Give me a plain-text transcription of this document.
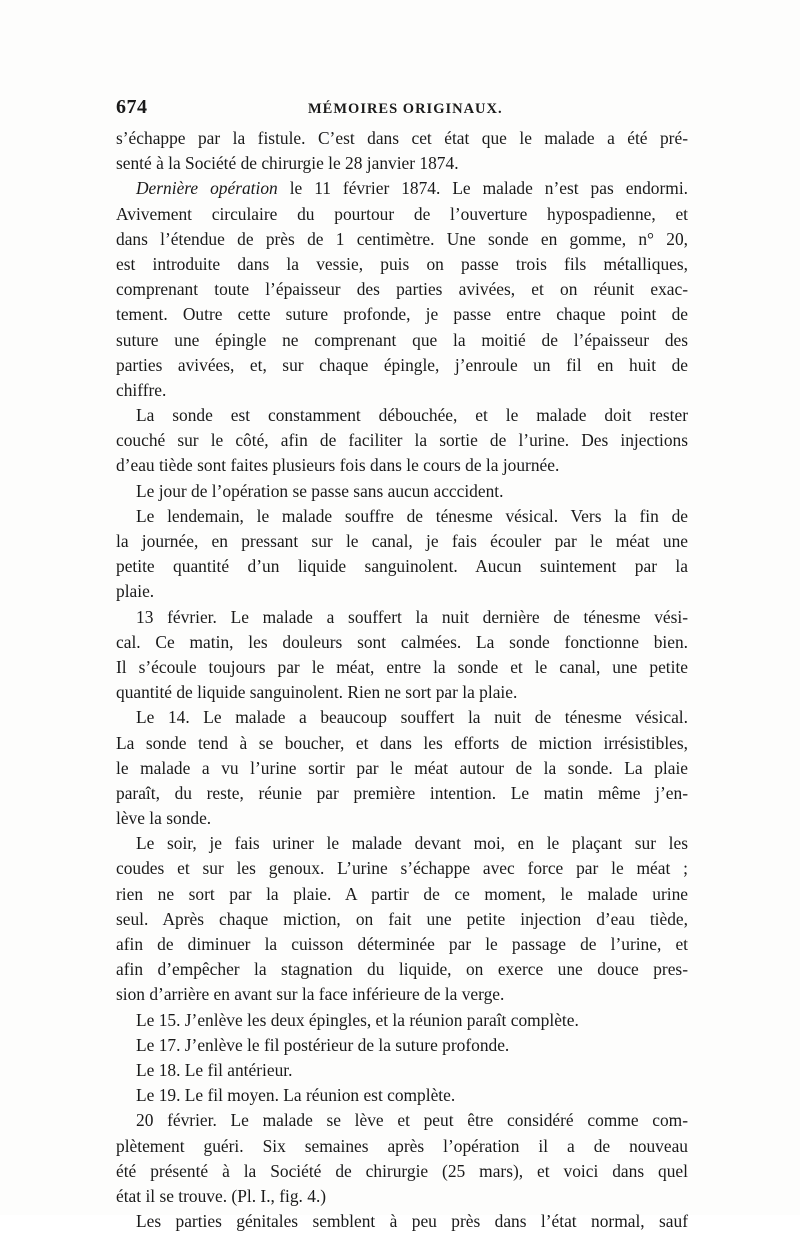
674	MÉMOIRES ORIGINAUX.
s’échappe par la fistule. C’est dans cet état que le malade a été pré-
senté à la Société de chirurgie le 28 janvier 1874.
Dernière opération le 11 février 1874. Le malade n’est pas endormi.
Avivement circulaire du pourtour de l’ouverture hypospadienne, et
dans l’étendue de près de 1 centimètre. Une sonde en gomme, n° 20,
est introduite dans la vessie, puis on passe trois fils métalliques,
comprenant toute l’épaisseur des parties avivées, et on réunit exac-
tement. Outre cette suture profonde, je passe entre chaque point de
suture une épingle ne comprenant que la moitié de l’épaisseur des
parties avivées, et, sur chaque épingle, j’enroule un fil en huit de
chiffre.
La sonde est constamment débouchée, et le malade doit rester
couché sur le côté, afin de faciliter la sortie de l’urine. Des injections
d’eau tiède sont faites plusieurs fois dans le cours de la journée.
Le jour de l’opération se passe sans aucun acccident.
Le lendemain, le malade souffre de ténesme vésical. Vers la fin de
la journée, en pressant sur le canal, je fais écouler par le méat une
petite quantité d’un liquide sanguinolent. Aucun suintement par la
plaie.
13 février. Le malade a souffert la nuit dernière de ténesme vési-
cal. Ce matin, les douleurs sont calmées. La sonde fonctionne bien.
Il s’écoule toujours par le méat, entre la sonde et le canal, une petite
quantité de liquide sanguinolent. Rien ne sort par la plaie.
Le 14. Le malade a beaucoup souffert la nuit de ténesme vésical.
La sonde tend à se boucher, et dans les efforts de miction irrésistibles,
le malade a vu l’urine sortir par le méat autour de la sonde. La plaie
paraît, du reste, réunie par première intention. Le matin même j’en-
lève la sonde.
Le soir, je fais uriner le malade devant moi, en le plaçant sur les
coudes et sur les genoux. L’urine s’échappe avec force par le méat ;
rien ne sort par la plaie. A partir de ce moment, le malade urine
seul. Après chaque miction, on fait une petite injection d’eau tiède,
afin de diminuer la cuisson déterminée par le passage de l’urine, et
afin d’empêcher la stagnation du liquide, on exerce une douce pres-
sion d’arrière en avant sur la face inférieure de la verge.
Le 15. J’enlève les deux épingles, et la réunion paraît complète.
Le 17. J’enlève le fil postérieur de la suture profonde.
Le 18. Le fil antérieur.
Le 19. Le fil moyen. La réunion est complète.
20 février. Le malade se lève et peut être considéré comme com-
plètement guéri. Six semaines après l’opération il a de nouveau
été présenté à la Société de chirurgie (25 mars), et voici dans quel
état il se trouve. (Pl. I., fig. 4.)
Les parties génitales semblent à peu près dans l’état normal, sauf
